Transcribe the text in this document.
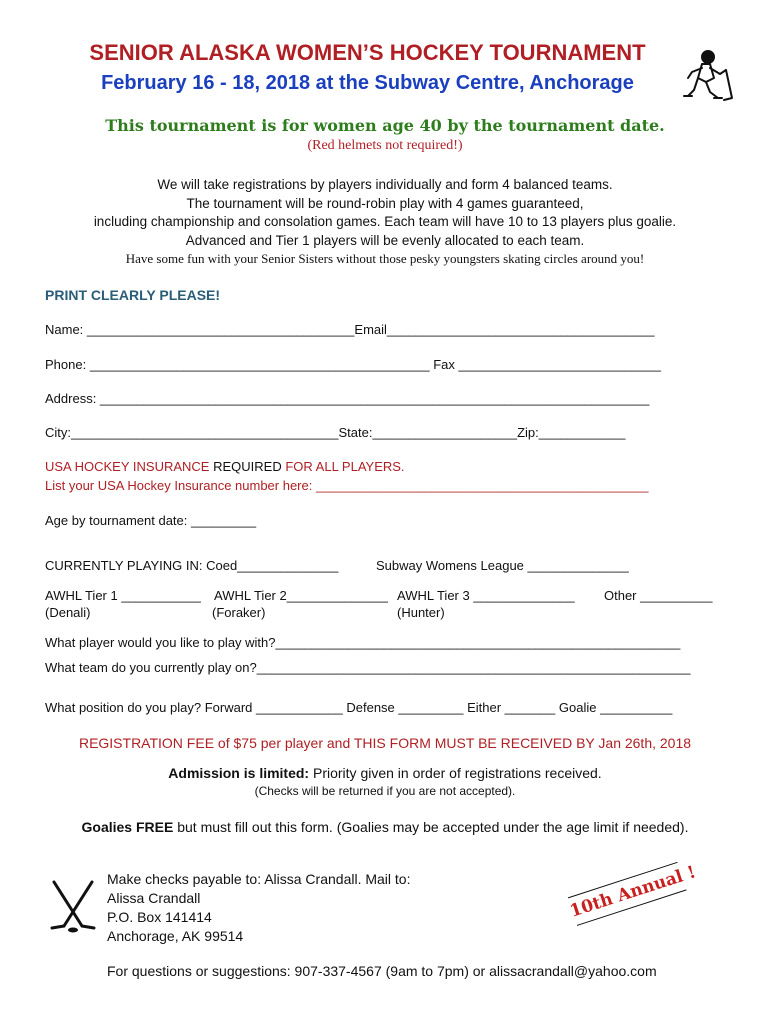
SENIOR ALASKA WOMEN’S HOCKEY TOURNAMENT
February 16 - 18, 2018 at the Subway Centre, Anchorage
This tournament is for women age 40 by the tournament date.
(Red helmets not required!)
We will take registrations by players individually and form 4 balanced teams.
The tournament will be round-robin play with 4 games guaranteed,
including championship and consolation games. Each team will have 10 to 13 players plus goalie.
Advanced and Tier 1 players will be evenly allocated to each team.
Have some fun with your Senior Sisters without those pesky youngsters skating circles around you!
PRINT CLEARLY PLEASE!
Name: _____________________________________Email_____________________________________
Phone: _______________________________________________ Fax ____________________________
Address: ____________________________________________________________________________
City:_____________________________________State:____________________Zip:____________
USA HOCKEY INSURANCE REQUIRED FOR ALL PLAYERS.
List your USA Hockey Insurance number here: ______________________________________________
Age by tournament date: _________
CURRENTLY PLAYING IN: Coed______________	Subway Womens League ______________
AWHL Tier 1 ___________
(Denali)
AWHL Tier 2______________
(Foraker)
AWHL Tier 3 ______________
(Hunter)
Other __________
What player would you like to play with?________________________________________________________
What team do you currently play on?____________________________________________________________
What position do you play? Forward ____________ Defense _________ Either _______ Goalie __________
REGISTRATION FEE of $75 per player and THIS FORM MUST BE RECEIVED BY Jan 26th, 2018
Admission is limited: Priority given in order of registrations received.
(Checks will be returned if you are not accepted).
Goalies FREE but must fill out this form. (Goalies may be accepted under the age limit if needed).
Make checks payable to: Alissa Crandall. Mail to:
Alissa Crandall
P.O. Box 141414
Anchorage, AK 99514
10th Annual !
For questions or suggestions: 907-337-4567 (9am to 7pm) or alissacrandall@yahoo.com
